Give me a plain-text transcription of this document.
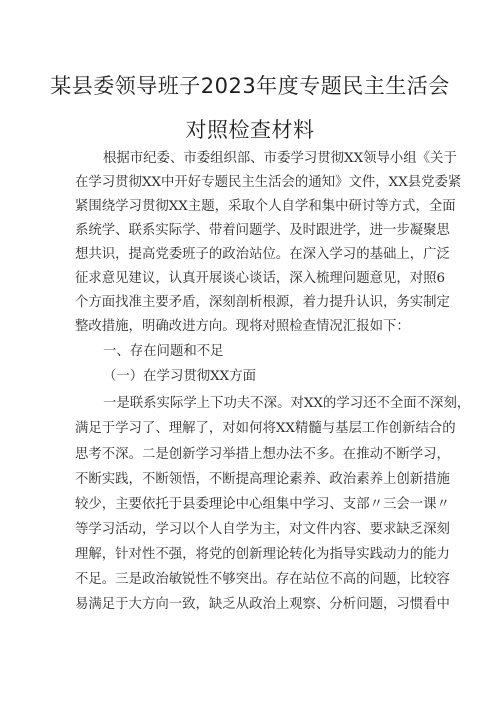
某县委领导班子2023年度专题民主生活会
对照检查材料
根据市纪委、市委组织部、市委学习贯彻XX领导小组《关于
在学习贯彻XX中开好专题民主生活会的通知》文件，XX县党委紧
紧围绕学习贯彻XX主题，采取个人自学和集中研讨等方式，全面
系统学、联系实际学、带着问题学、及时跟进学，进一步凝聚思
想共识，提高党委班子的政治站位。在深入学习的基础上，广泛
征求意见建议，认真开展谈心谈话，深入梳理问题意见，对照6
个方面找准主要矛盾，深刻剖析根源，着力提升认识，务实制定
整改措施，明确改进方向。现将对照检查情况汇报如下：
一、存在问题和不足
（一）在学习贯彻XX方面
一是联系实际学上下功夫不深。对XX的学习还不全面不深刻，
满足于学习了、理解了，对如何将XX精髓与基层工作创新结合的
思考不深。二是创新学习举措上想办法不多。在推动不断学习，
不断实践，不断领悟，不断提高理论素养、政治素养上创新措施
较少，主要依托于县委理论中心组集中学习、支部〃三会一课〃
等学习活动，学习以个人自学为主，对文件内容、要求缺乏深刻
理解，针对性不强，将党的创新理论转化为指导实践动力的能力
不足。三是政治敏锐性不够突出。存在站位不高的问题，比较容
易满足于大方向一致，缺乏从政治上观察、分析问题，习惯看中
